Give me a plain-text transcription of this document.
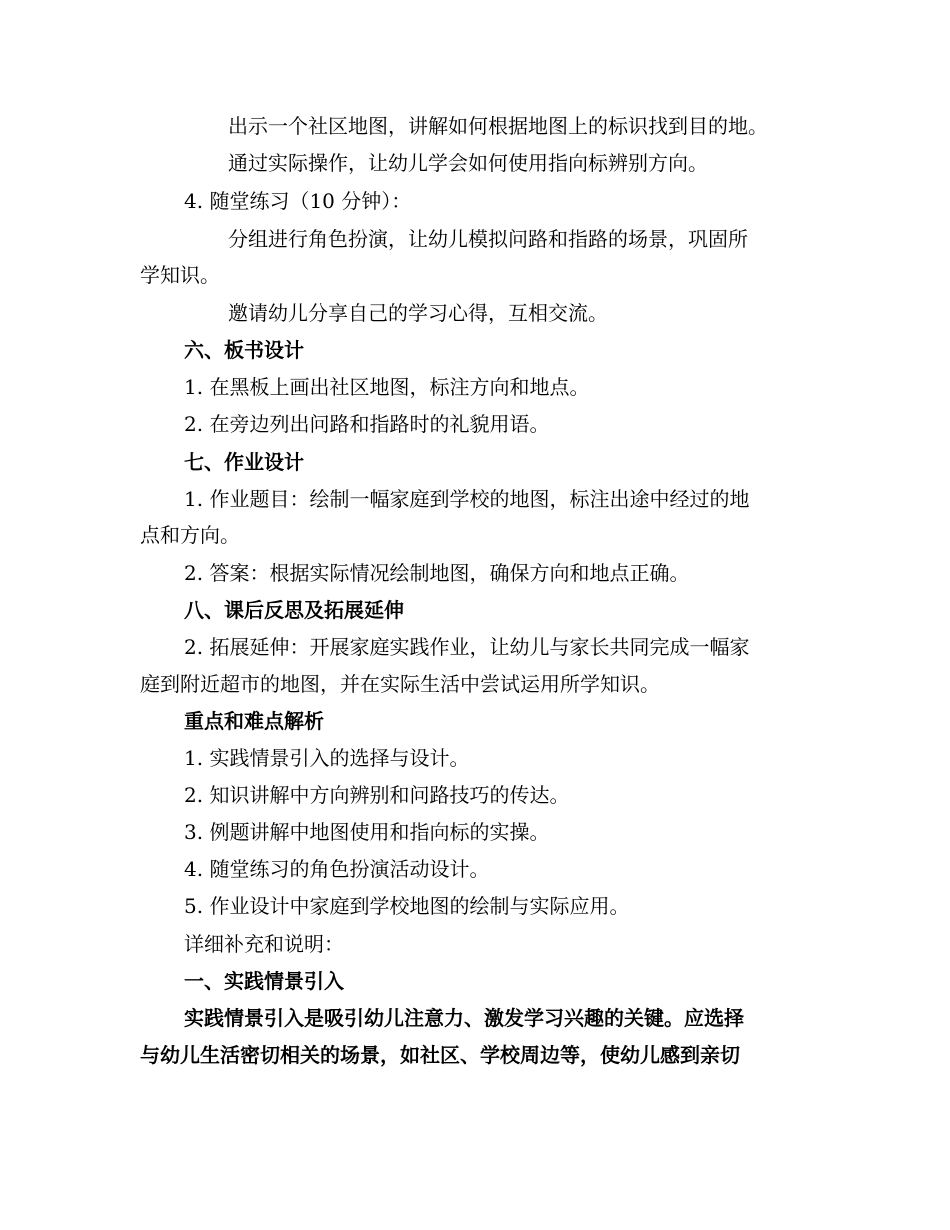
出示一个社区地图，讲解如何根据地图上的标识找到目的地。
通过实际操作，让幼儿学会如何使用指向标辨别方向。
4. 随堂练习（10 分钟）：
分组进行角色扮演，让幼儿模拟问路和指路的场景，巩固所
学知识。
邀请幼儿分享自己的学习心得，互相交流。
六、板书设计
1. 在黑板上画出社区地图，标注方向和地点。
2. 在旁边列出问路和指路时的礼貌用语。
七、作业设计
1. 作业题目：绘制一幅家庭到学校的地图，标注出途中经过的地
点和方向。
2. 答案：根据实际情况绘制地图，确保方向和地点正确。
八、课后反思及拓展延伸
2. 拓展延伸：开展家庭实践作业，让幼儿与家长共同完成一幅家
庭到附近超市的地图，并在实际生活中尝试运用所学知识。
重点和难点解析
1. 实践情景引入的选择与设计。
2. 知识讲解中方向辨别和问路技巧的传达。
3. 例题讲解中地图使用和指向标的实操。
4. 随堂练习的角色扮演活动设计。
5. 作业设计中家庭到学校地图的绘制与实际应用。
详细补充和说明：
一、实践情景引入
实践情景引入是吸引幼儿注意力、激发学习兴趣的关键。应选择
与幼儿生活密切相关的场景，如社区、学校周边等，使幼儿感到亲切
